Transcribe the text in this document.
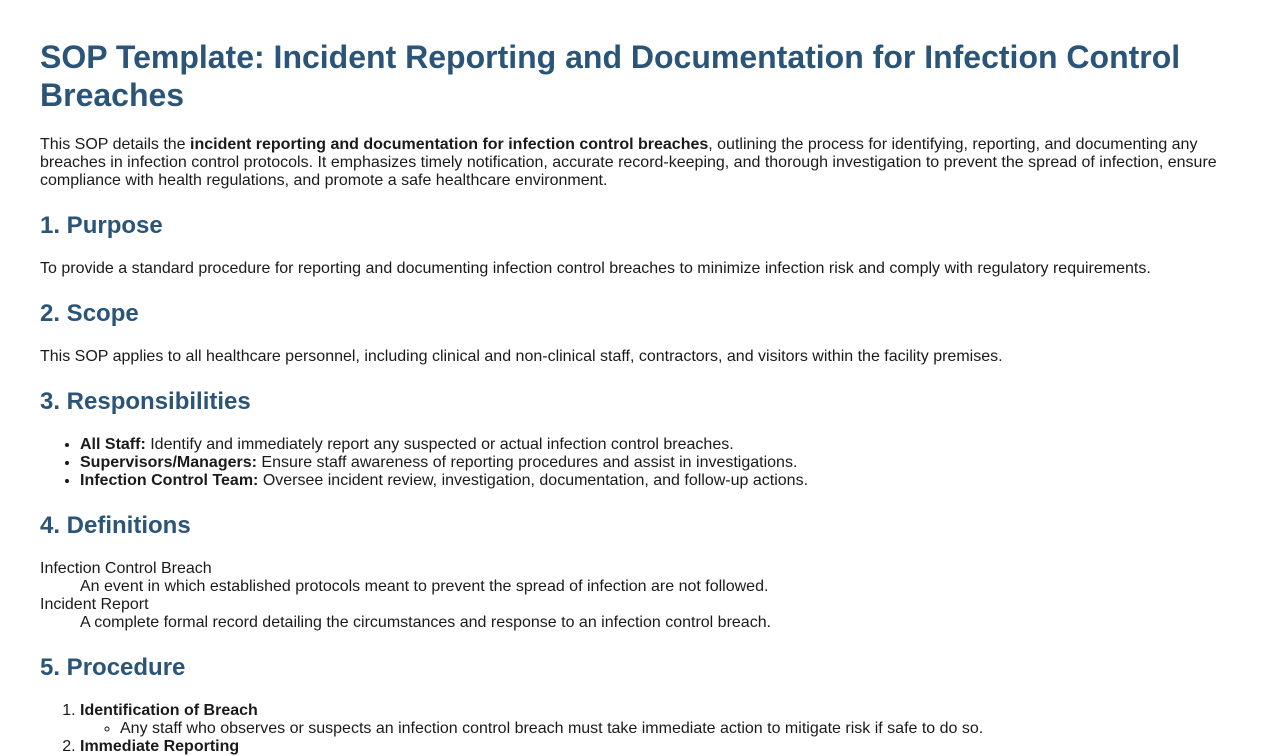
SOP Template: Incident Reporting and Documentation for Infection Control Breaches

This SOP details the incident reporting and documentation for infection control breaches, outlining the process for identifying, reporting, and documenting any breaches in infection control protocols. It emphasizes timely notification, accurate record-keeping, and thorough investigation to prevent the spread of infection, ensure compliance with health regulations, and promote a safe healthcare environment.

1. Purpose

To provide a standard procedure for reporting and documenting infection control breaches to minimize infection risk and comply with regulatory requirements.

2. Scope

This SOP applies to all healthcare personnel, including clinical and non-clinical staff, contractors, and visitors within the facility premises.

3. Responsibilities
• All Staff: Identify and immediately report any suspected or actual infection control breaches.
• Supervisors/Managers: Ensure staff awareness of reporting procedures and assist in investigations.
• Infection Control Team: Oversee incident review, investigation, documentation, and follow-up actions.
4. Definitions
Infection Control Breach
An event in which established protocols meant to prevent the spread of infection are not followed.
Incident Report
A complete formal record detailing the circumstances and response to an infection control breach.
5. Procedure
1. Identification of Breach
◦ Any staff who observes or suspects an infection control breach must take immediate action to mitigate risk if safe to do so.
2. Immediate Reporting
